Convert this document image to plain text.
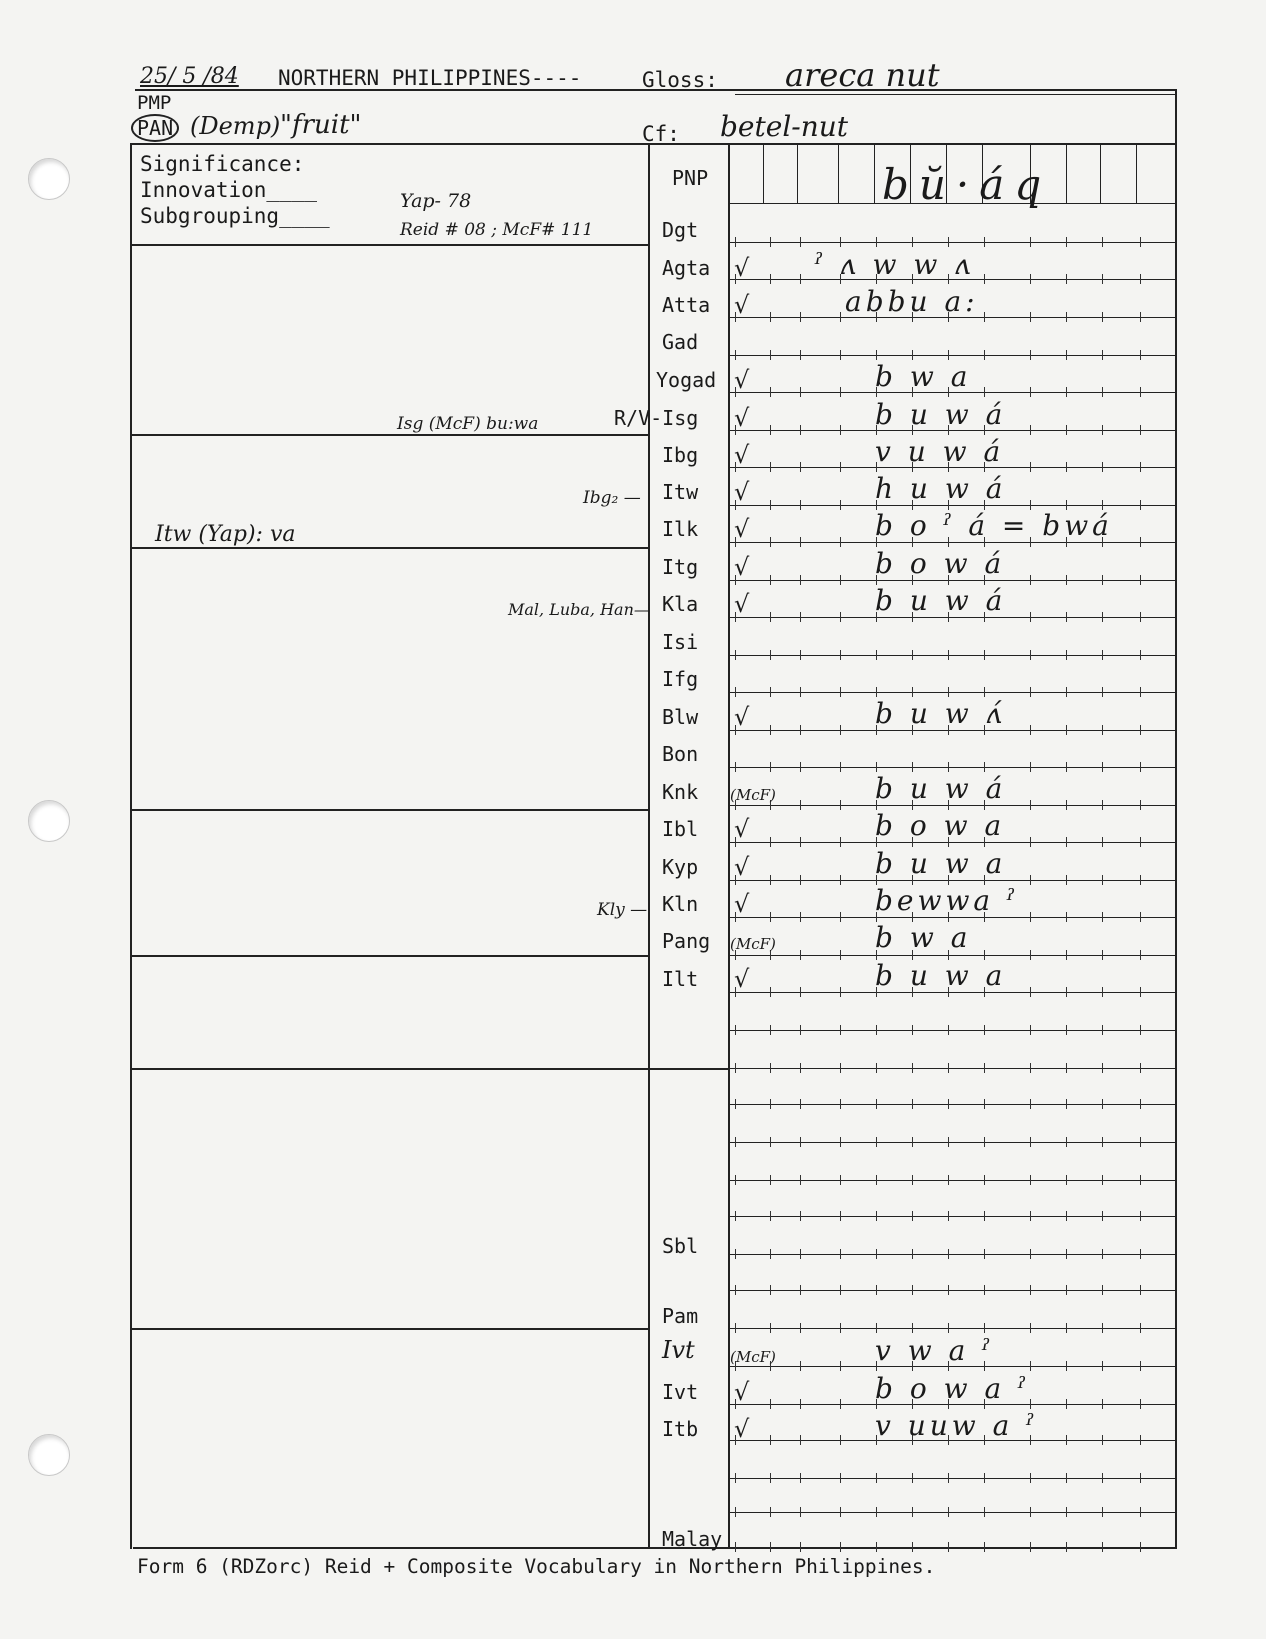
25/ 5 /84 NORTHERN PHILIPPINES----	Gloss: areca nut
PMP
PAN (Demp) "fruit"	Cf: betel-nut
Significance:
Innovation____
Subgrouping____
Yap- 78
Reid # 08 ; McF# 111
PNP	bŭ·áq
Dgt
Agta √ ˀ ʌ w w ʌ
Atta √	abbu a:
Gad
Yogad √	b w a
R/V-Isg	√	b u w á
Ibg	√	v u w á
Itw	√	h u w á
Ilk	√	b o ˀ á = bwá
Itg	√	b o w á
Kla	√	b u w á
Isi
Ifg
Blw	√	b u w ʌ́
Bon
Knk	(McF)	b u w á
Ibl	√	b o w a
Kyp	√	b u w a
Kln	√	bewwa ˀ
Pang	(McF)	b w a
Ilt	√	b u w a
Sbl
Pam
Ivt	(McF)	v w a ˀ
Ivt	√	b o w a ˀ
Itb	√	v uuw a ˀ
Malay
Isg (McF) bu:wa
Ibg₂ —
Itw (Yap): va
Mal, Luba, Han—
Kly —
Form 6 (RDZorc) Reid + Composite Vocabulary in Northern Philippines.
